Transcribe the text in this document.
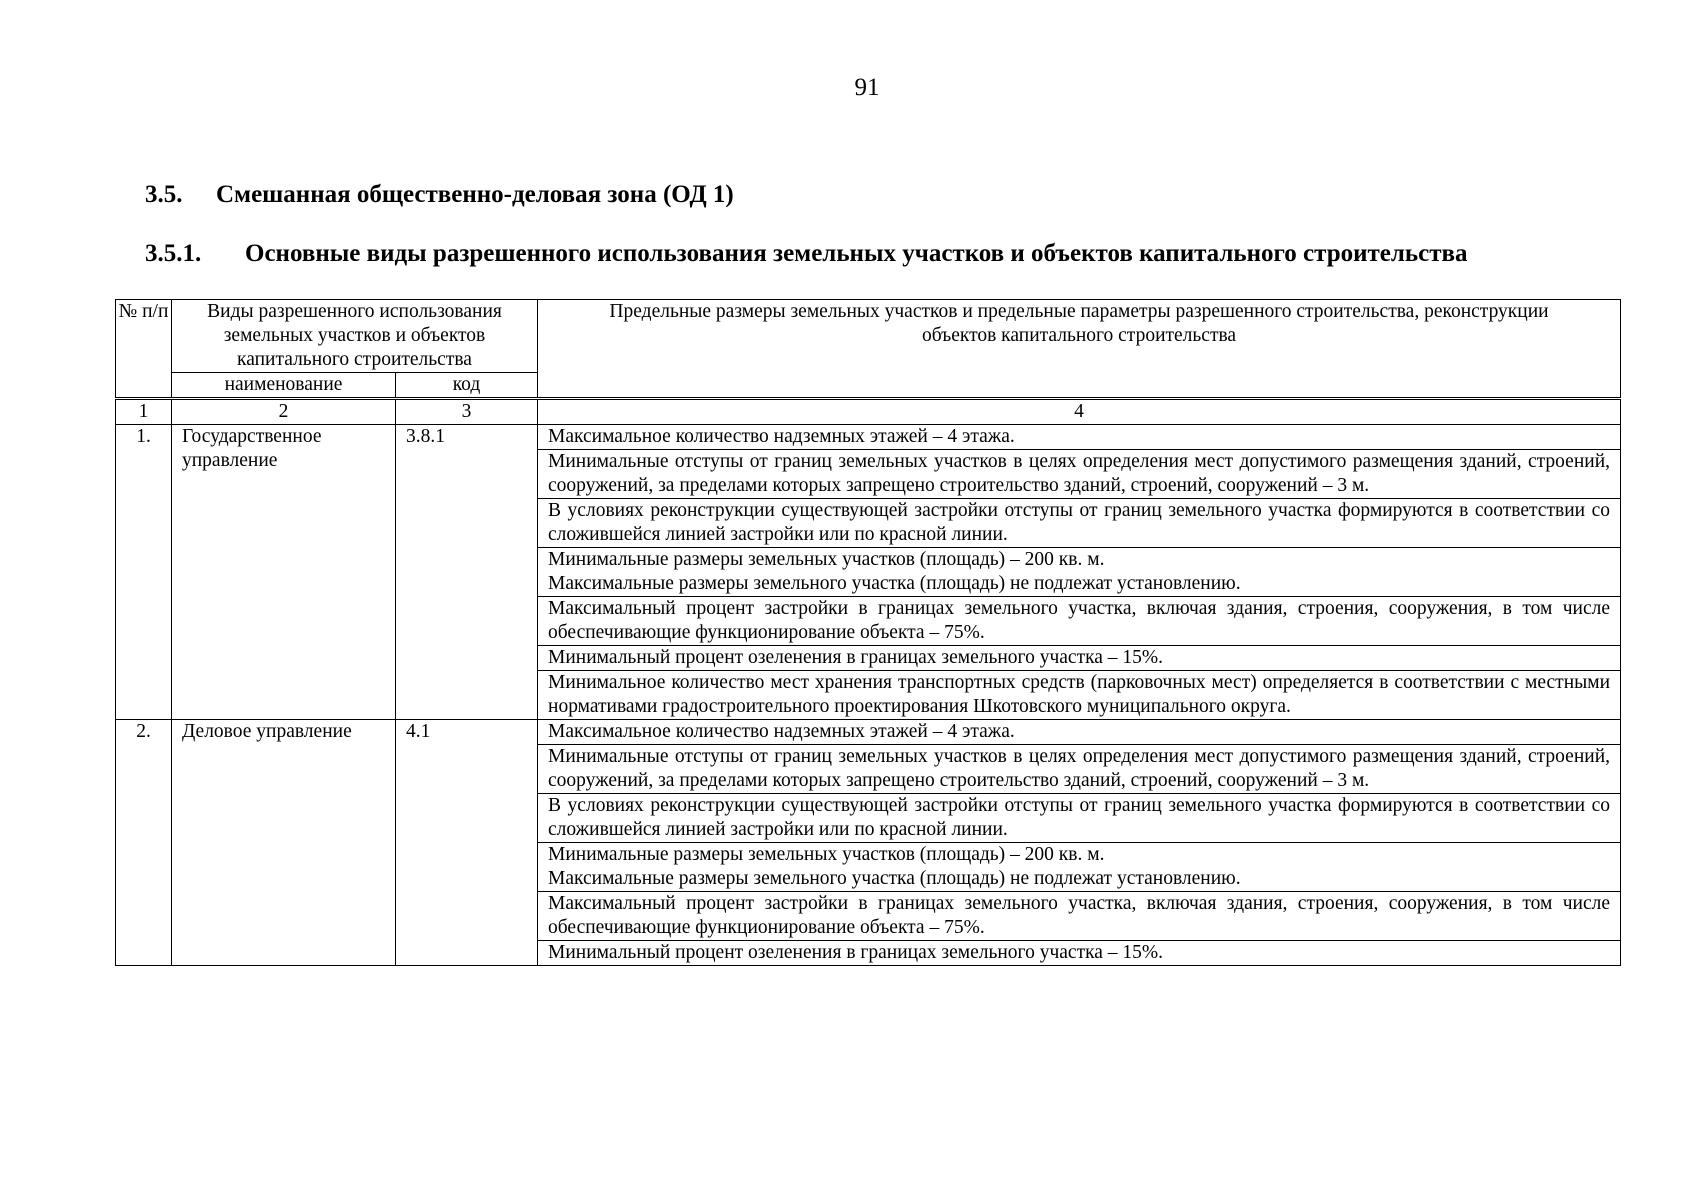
91
3.5. Смешанная общественно-деловая зона (ОД 1)
3.5.1. Основные виды разрешенного использования земельных участков и объектов капитального строительства
№ п/п	Виды разрешенного использования земельных участков и объектов капитального строительства		Предельные размеры земельных участков и предельные параметры разрешенного строительства, реконструкции объектов капитального строительства
	наименование	код	
1	2	3	4
1.	Государственное управление	3.8.1	Максимальное количество надземных этажей – 4 этажа.
			Минимальные отступы от границ земельных участков в целях определения мест допустимого размещения зданий, строений, сооружений, за пределами которых запрещено строительство зданий, строений, сооружений – 3 м.
			В условиях реконструкции существующей застройки отступы от границ земельного участка формируются в соответствии со сложившейся линией застройки или по красной линии.
			Минимальные размеры земельных участков (площадь) – 200 кв. м.
Максимальные размеры земельного участка (площадь) не подлежат установлению.
			Максимальный процент застройки в границах земельного участка, включая здания, строения, сооружения, в том числе обеспечивающие функционирование объекта – 75%.
			Минимальный процент озеленения в границах земельного участка – 15%.
			Минимальное количество мест хранения транспортных средств (парковочных мест) определяется в соответствии с местными нормативами градостроительного проектирования Шкотовского муниципального округа.
2.	Деловое управление	4.1	Максимальное количество надземных этажей – 4 этажа.
			Минимальные отступы от границ земельных участков в целях определения мест допустимого размещения зданий, строений, сооружений, за пределами которых запрещено строительство зданий, строений, сооружений – 3 м.
			В условиях реконструкции существующей застройки отступы от границ земельного участка формируются в соответствии со сложившейся линией застройки или по красной линии.
			Минимальные размеры земельных участков (площадь) – 200 кв. м.
Максимальные размеры земельного участка (площадь) не подлежат установлению.
			Максимальный процент застройки в границах земельного участка, включая здания, строения, сооружения, в том числе обеспечивающие функционирование объекта – 75%.
			Минимальный процент озеленения в границах земельного участка – 15%.
